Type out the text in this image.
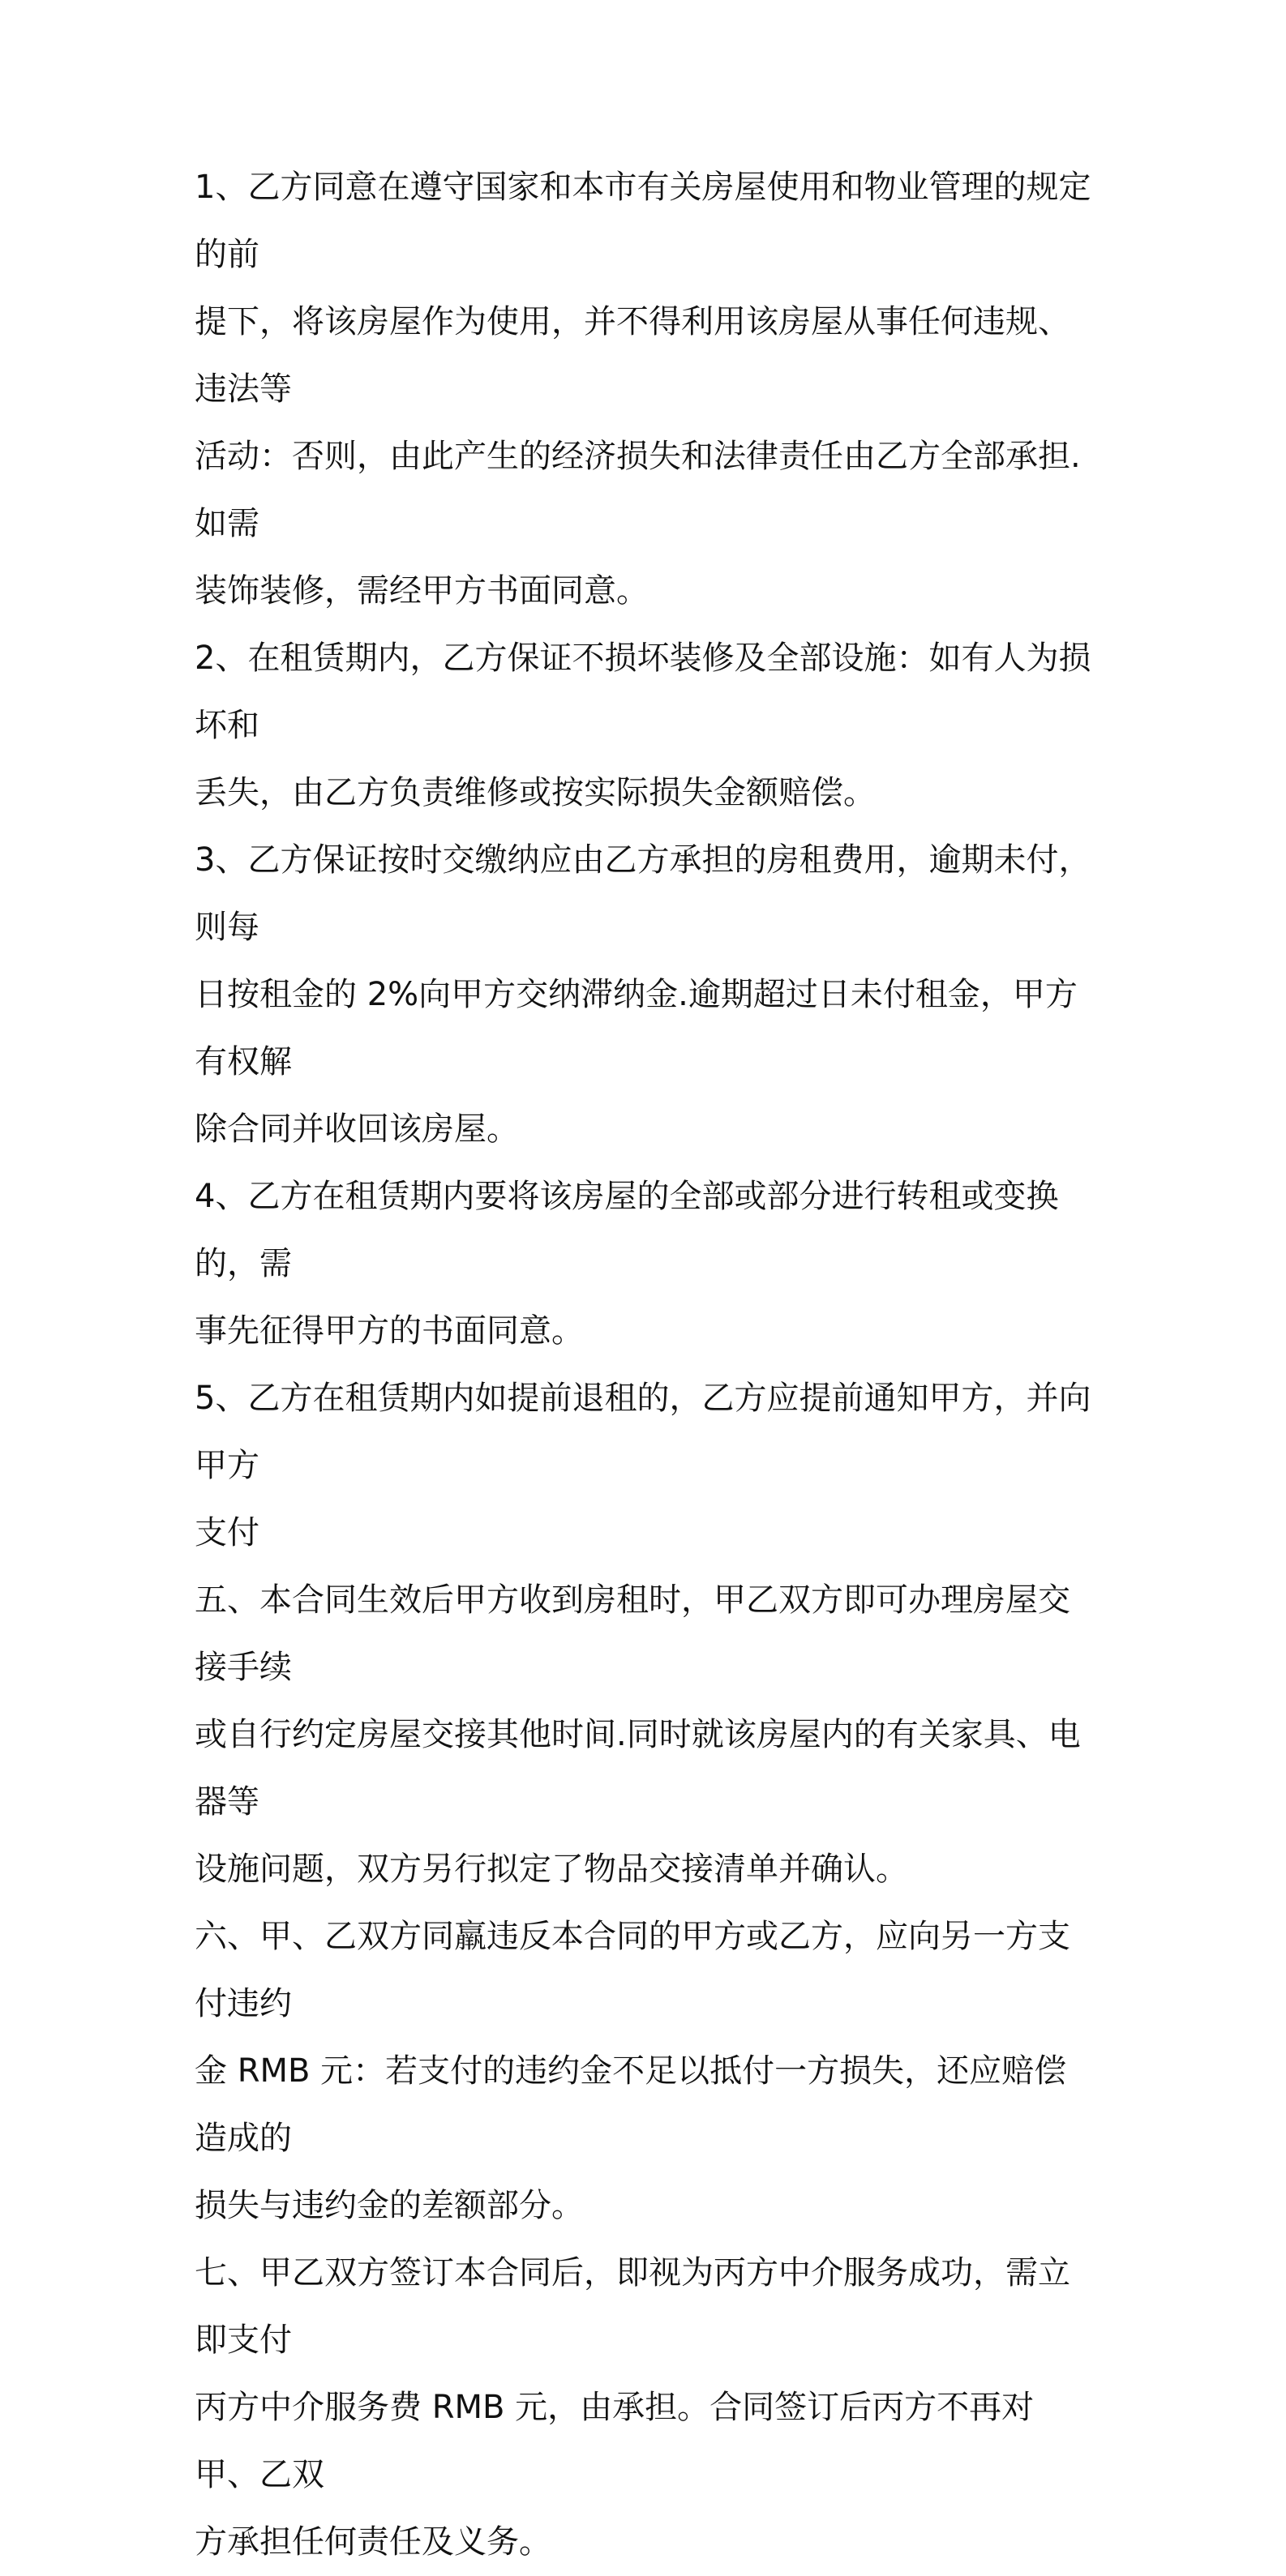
1、乙方同意在遵守国家和本市有关房屋使用和物业管理的规定的前
提下，将该房屋作为使用，并不得利用该房屋从事任何违规、违法等
活动：否则，由此产生的经济损失和法律责任由乙方全部承担.如需
装饰装修，需经甲方书面同意。

2、在租赁期内，乙方保证不损坏装修及全部设施：如有人为损坏和
丢失，由乙方负责维修或按实际损失金额赔偿。

3、乙方保证按时交缴纳应由乙方承担的房租费用，逾期未付，则每
日按租金的 2%向甲方交纳滞纳金.逾期超过日未付租金，甲方有权解
除合同并收回该房屋。

4、乙方在租赁期内要将该房屋的全部或部分进行转租或变换的，需
事先征得甲方的书面同意。

5、乙方在租赁期内如提前退租的，乙方应提前通知甲方，并向甲方
支付

五、本合同生效后甲方收到房租时，甲乙双方即可办理房屋交接手续
或自行约定房屋交接其他时间.同时就该房屋内的有关家具、电器等
设施问题，双方另行拟定了物品交接清单并确认。

六、甲、乙双方同羸违反本合同的甲方或乙方，应向另一方支付违约
金 RMB 元：若支付的违约金不足以抵付一方损失，还应赔偿造成的
损失与违约金的差额部分。

七、甲乙双方签订本合同后，即视为丙方中介服务成功，需立即支付
丙方中介服务费 RMB 元，由承担。合同签订后丙方不再对甲、乙双
方承担任何责任及义务。
